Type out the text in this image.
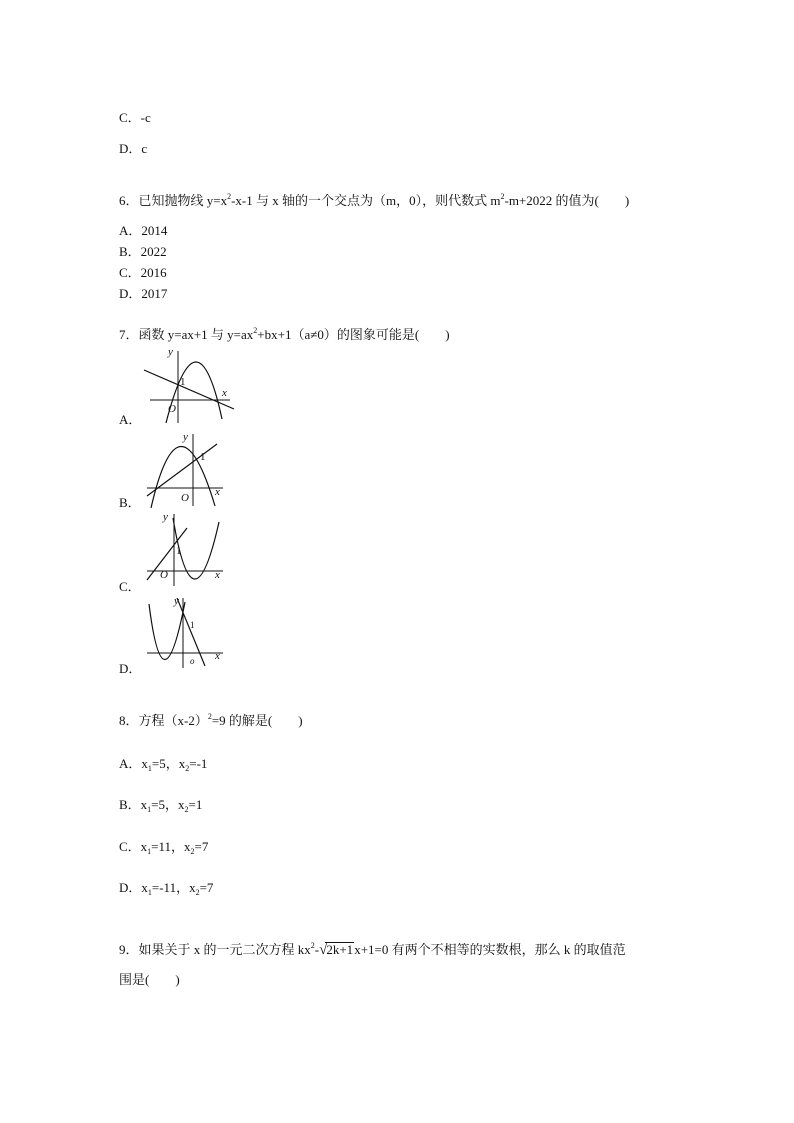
C．-c
D．c
6．已知抛物线 $y=x^2-x-1$ 与 x 轴的一个交点为（m，0），则代数式 $m^2-m+2022$ 的值为(　　)
A．2014
B．2022
C．2016
D．2017
7．函数 y=ax+1 与 $y=ax^2+bx+1(a\ne 0)$的图象可能是(　　)
A．
y
x
O
1
B．
y
x
O
1
C．
y
x
O
1
D．
y
x
o
1
8．方程$(x-2)^2=9$ 的解是(　　)
A．$x_1=5$，$x_2=-1$
B．$x_1=5$，$x_2=1$
C．$x_1=11$，$x_2=7$
D．$x_1=-11$，$x_2=7$
9．如果关于 x 的一元二次方程 $kx^2-√2k+1x+1=0$ 有两个不相等的实数根，那么 k 的取值范
围是(　　)
